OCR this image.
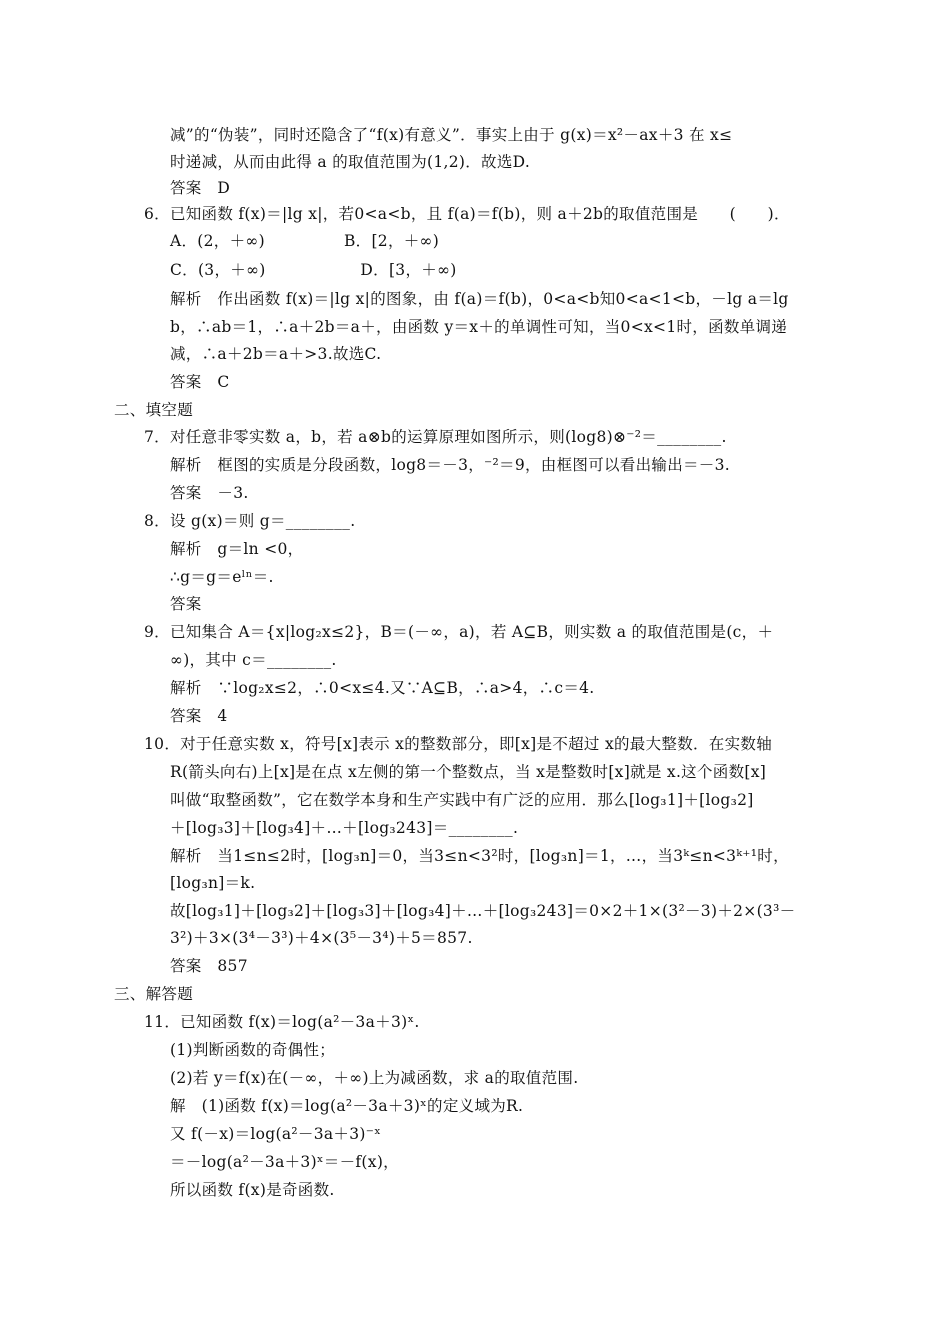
减”的“伪装”，同时还隐含了“f(x)有意义”．事实上由于 g(x)＝x²－ax＋3 在 x≤
时递减，从而由此得 a 的取值范围为(1,2)．故选D.
答案　D
6．已知函数 f(x)＝|lg x|，若0<a<b，且 f(a)＝f(b)，则 a＋2b的取值范围是　　(　　)．
A．(2，＋∞)　　　　　B．[2，＋∞)
C．(3，＋∞)　　　　　　D．[3，＋∞)
解析　作出函数 f(x)＝|lg x|的图象，由 f(a)＝f(b)，0<a<b知0<a<1<b，－lg a＝lg
b，∴ab＝1，∴a＋2b＝a＋，由函数 y＝x＋的单调性可知，当0<x<1时，函数单调递
减，∴a＋2b＝a＋>3.故选C.
答案　C
二、填空题
7．对任意非零实数 a，b，若 a⊗b的运算原理如图所示，则(log8)⊗⁻²＝________.
解析　框图的实质是分段函数，log8＝－3，⁻²＝9，由框图可以看出输出＝－3.
答案　－3.
8．设 g(x)＝则 g＝________.
解析　g＝ln <0，
∴g＝g＝eˡⁿ＝.
答案
9．已知集合 A＝{x|log₂x≤2}，B＝(－∞，a)，若 A⊆B，则实数 a 的取值范围是(c，＋
∞)，其中 c＝________.
解析　∵log₂x≤2，∴0<x≤4.又∵A⊆B，∴a>4，∴c＝4.
答案　4
10．对于任意实数 x，符号[x]表示 x的整数部分，即[x]是不超过 x的最大整数．在实数轴
R(箭头向右)上[x]是在点 x左侧的第一个整数点，当 x是整数时[x]就是 x.这个函数[x]
叫做“取整函数”，它在数学本身和生产实践中有广泛的应用．那么[log₃1]＋[log₃2]
＋[log₃3]＋[log₃4]＋…＋[log₃243]＝________.
解析　当1≤n≤2时，[log₃n]＝0，当3≤n<3²时，[log₃n]＝1，…，当3ᵏ≤n<3ᵏ⁺¹时，
[log₃n]＝k.
故[log₃1]＋[log₃2]＋[log₃3]＋[log₃4]＋…＋[log₃243]＝0×2＋1×(3²－3)＋2×(3³－
3²)＋3×(3⁴－3³)＋4×(3⁵－3⁴)＋5＝857.
答案　857
三、解答题
11．已知函数 f(x)＝log(a²－3a＋3)ˣ.
(1)判断函数的奇偶性；
(2)若 y＝f(x)在(－∞，＋∞)上为减函数，求 a的取值范围.
解　(1)函数 f(x)＝log(a²－3a＋3)ˣ的定义域为R.
又 f(－x)＝log(a²－3a＋3)⁻ˣ
＝－log(a²－3a＋3)ˣ＝－f(x)，
所以函数 f(x)是奇函数.
